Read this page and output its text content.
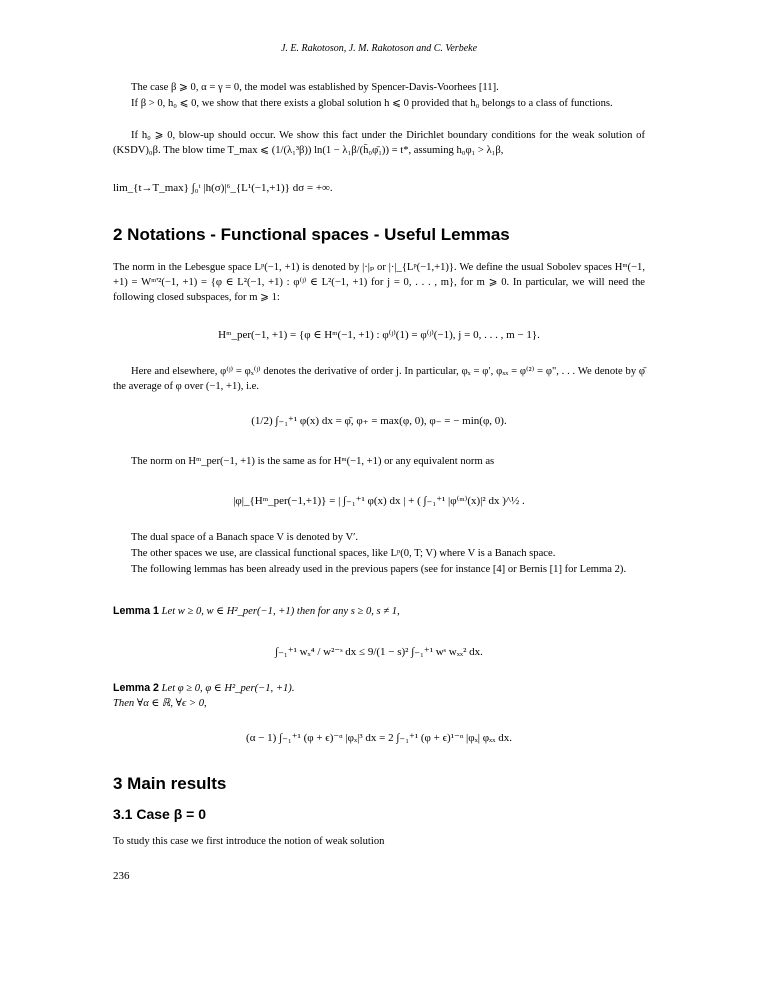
J. E. Rakotoson, J. M. Rakotoson and C. Verbeke
The case β ⩾ 0, α = γ = 0, the model was established by Spencer-Davis-Voorhees [11].
If β > 0, h₀ ⩽ 0, we show that there exists a global solution h ⩽ 0 provided that h₀ belongs to a class of functions.
If h₀ ⩾ 0, blow-up should occur. We show this fact under the Dirichlet boundary conditions for the weak solution of (KSDV)₀β. The blow time T_max ⩽ (1/(λ₁³β)) ln(1 − λ₁β/(h̄₀φ̄₁)) = t*, assuming h₀φ₁ > λ₁β,
lim_{t→T_max} ∫₀ᵗ |h(σ)|⁶_{L¹(−1,+1)} dσ = +∞.
2 Notations - Functional spaces - Useful Lemmas
The norm in the Lebesgue space Lᵖ(−1, +1) is denoted by |·|ₚ or |·|_{Lᵖ(−1,+1)}. We define the usual Sobolev spaces Hᵐ(−1, +1) = Wᵐ'²(−1, +1) = {φ ∈ L²(−1, +1) : φ⁽ʲ⁾ ∈ L²(−1, +1) for j = 0, . . . , m}, for m ⩾ 0. In particular, we will need the following closed subspaces, for m ⩾ 1:
Hᵐ_per(−1, +1) = {φ ∈ Hᵐ(−1, +1) : φ⁽ʲ⁾(1) = φ⁽ʲ⁾(−1), j = 0, . . . , m − 1}.
Here and elsewhere, φ⁽ʲ⁾ = φₓ⁽ʲ⁾ denotes the derivative of order j. In particular, φₓ = φ′, φₓₓ = φ⁽²⁾ = φ", . . . We denote by φ̄ the average of φ over (−1, +1), i.e.
(1/2) ∫₋₁⁺¹ φ(x) dx = φ̄, φ₊ = max(φ, 0), φ₋ = − min(φ, 0).
The norm on Hᵐ_per(−1, +1) is the same as for Hᵐ(−1, +1) or any equivalent norm as
|φ|_{Hᵐ_per(−1,+1)} = | ∫₋₁⁺¹ φ(x) dx | + ( ∫₋₁⁺¹ |φ⁽ᵐ⁾(x)|² dx )^½ .
The dual space of a Banach space V is denoted by V′.
The other spaces we use, are classical functional spaces, like Lᵖ(0, T; V) where V is a Banach space.
The following lemmas has been already used in the previous papers (see for instance [4] or Bernis [1] for Lemma 2).
Lemma 1 Let w ≥ 0, w ∈ H²_per(−1, +1) then for any s ≥ 0, s ≠ 1,
∫₋₁⁺¹ wₓ⁴ / w²⁻ˢ dx ≤ 9/(1 − s)² ∫₋₁⁺¹ wˢ wₓₓ² dx.
Lemma 2 Let φ ≥ 0, φ ∈ H²_per(−1, +1).
Then ∀α ∈ ℝ, ∀ϵ > 0,
(α − 1) ∫₋₁⁺¹ (φ + ϵ)⁻ᵅ |φₓ|³ dx = 2 ∫₋₁⁺¹ (φ + ϵ)¹⁻ᵅ |φₓ| φₓₓ dx.
3 Main results
3.1 Case β = 0
To study this case we first introduce the notion of weak solution
236
